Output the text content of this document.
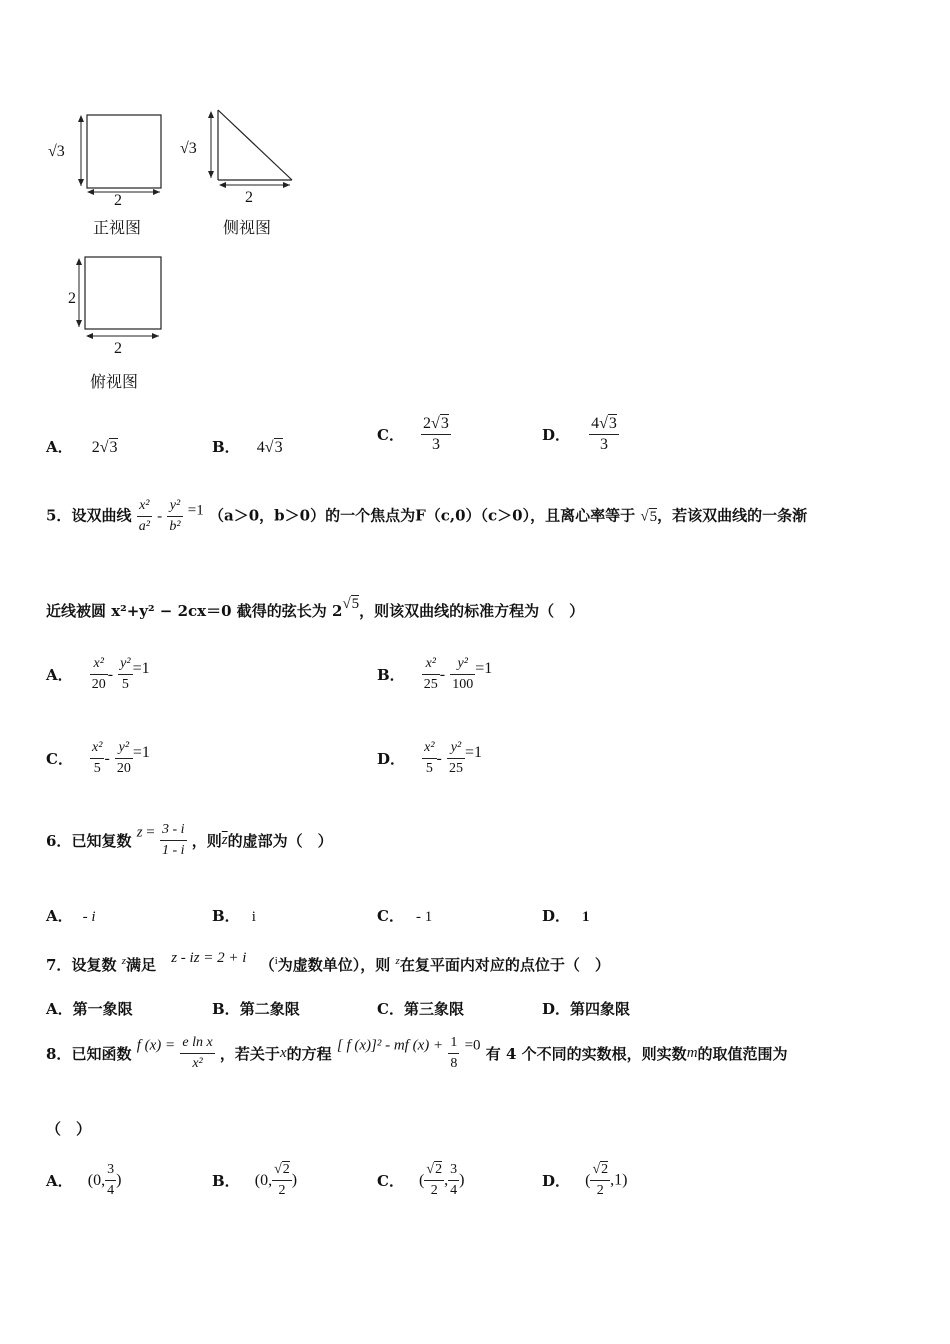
√3
2
正视图
√3
2
侧视图
2
2
俯视图
A． 2√3	B． 4√3
C． $\frac{2√3}{3}$	D． $\frac{4√3}{3}$
5．设双曲线 $\frac{\text{x²}}{\text{a²}} - \frac{\text{y²}}{\text{b²}} =1$ （a＞0，b＞0）的一个焦点为F（c,0）（c＞0），且离心率等于 √5，若该双曲线的一条渐
近线被圆 x²+y² − 2cx＝0 截得的弦长为 2√5，则该双曲线的标准方程为（　）
A． $\frac{\text{x²}}{20} - \frac{\text{y²}}{5} =1$	B． $\frac{\text{x²}}{25} - \frac{\text{y²}}{100} =1$
C． $\frac{\text{x²}}{5} - \frac{\text{y²}}{20} =1$	D． $\frac{\text{x²}}{5} - \frac{\text{y²}}{25} =1$
6．已知复数 $z = \frac{3 - i}{1 - i}$ ，则$\overline{z}$的虚部为（　）
A． - i	B． i	C． - 1	D． 1
7．设复数 $^z$满足 z - iz = 2 + i （$^i$为虚数单位），则 $^z$在复平面内对应的点位于（　）
A．第一象限	B．第二象限	C．第三象限	D．第四象限
8．已知函数 f $(x) = \frac{\text{e ln x}}{\text{x²}}$ ，若关于x的方程 [ f (x)]² - mf $(x) + \frac{1}{8} =0$ 有 4 个不同的实数根，则实数m的取值范围为
（　）
A． (0, $\frac{3}{4}$ )	B． (0, $\frac{√2}{2}$ )	C． ( $\frac{√2}{2}$ , $\frac{3}{4}$ )	D． ( $\frac{√2}{2} ,1$)
